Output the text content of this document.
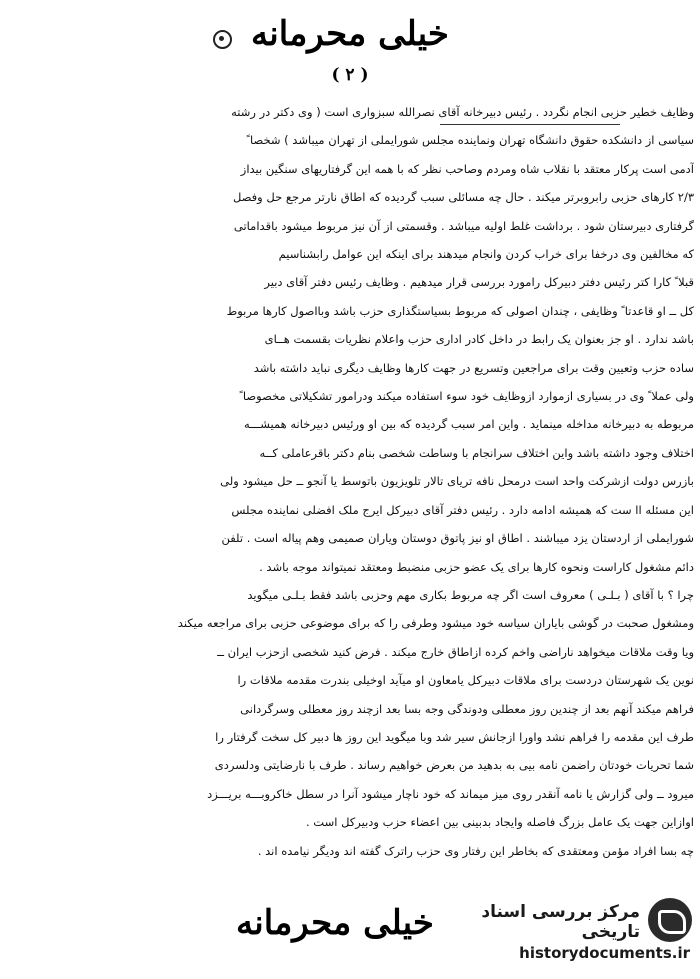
خیلی محرمانه
( ٢ )
وظایف خطیر حزبی انجام نگردد . رئیس دبیرخانه آقای نصرالله سبزواری است ( وی دکتر در رشته
سیاسی از دانشکده حقوق دانشگاه تهران ونماینده مجلس شورایملی از تهران میباشد ) شخصا ً
آدمی است پرکار معتقد با نقلاب شاه ومردم وصاحب نظر که با همه این گرفتاریهای سنگین بیداز
۲/۳ کارهای حزبی رابروبرتر میکند . حال چه مسائلی سبب گردیده که اطاق نارتر مرجع حل وفصل
گرفتاری دبیرستان شود . برداشت غلط اولیه میباشد . وقسمتی از آن نیز مربوط میشود باقداماتی
که مخالفین وی درخفا برای خراب کردن وانجام میدهند برای اینکه این عوامل رابشناسیم
قبلا ً کارا کتر رئیس دفتر دبیرکل رامورد بررسی قرار میدهیم . وظایف رئیس دفتر آقای دبیر
کل ــ او قاعدتا ً وظایفی ، چندان اصولی که مربوط بسیاستگذاری حزب باشد وبااصول کارها مربوط
باشد ندارد . او جز بعنوان یک رابط در داخل کادر اداری حزب واعلام نظریات بقسمت هــای
ساده حزب وتعیین وقت برای مراجعین وتسریع در جهت کارها وظایف دیگری نباید داشته باشد
ولی عملا ً وی در بسیاری ازموارد ازوظایف خود سوء استفاده میکند ودرامور تشکیلاتی مخصوصا ً
مربوطه به دبیرخانه مداخله مینماید . واین امر سبب گردیده که بین او ورئیس دبیرخانه همیشـــه
اختلاف وجود داشته باشد واین اختلاف سرانجام با وساطت شخصی بنام دکتر باقرعاملی کــه
بازرس دولت ازشرکت واحد است درمحل نافه تریای تالار تلویزیون باتوسط یا آنجو ــ حل میشود ولی
این مسئله اا ست که همیشه ادامه دارد . رئیس دفتر آقای دبیرکل ایرج ملک افضلی نماینده مجلس
شورایملی از اردستان یزد میباشند . اطاق او نیز پاتوق دوستان ویاران صمیمی وهم پیاله است . تلفن
دائم مشغول کاراست ونحوه کارها برای یک عضو حزبی منضبط ومعتقد نمیتواند موجه باشد .
چرا ؟ با آقای ( بـلـی ) معروف است اگر چه مربوط بکاری مهم وحزبی باشد فقط بـلـی میگوید
ومشغول صحبت در گوشی بایاران سیاسه خود میشود وطرفی را که برای موضوعی حزبی برای مراجعه میکند
ویا وقت ملاقات میخواهد ناراضی واخم کرده ازاطاق خارج میکند . فرض کنید شخصی ازحزب ایران ــ
نوین یک شهرستان دردست برای ملاقات دبیرکل یامعاون او میآید اوخیلی بندرت مقدمه ملاقات را
فراهم میکند آنهم بعد از چندین روز معطلی ودوندگی وجه بسا بعد ازچند روز معطلی وسرگردانی
طرف این مقدمه را فراهم نشد واورا ازجانش سیر شد وبا میگوید این روز ها دبیر کل سخت گرفتار را
شما تحریات خودتان راضمن نامه بیی به بدهید من بعرض خواهیم رساند . طرف با نارضایتی ودلسردی
میرود ــ ولی گزارش یا نامه آنقدر روی میز میماند که خود ناچار میشود آنرا در سطل خاکروبـــه بریـــزد
اوازاین جهت یک عامل بزرگ فاصله وایجاد بدبینی بین اعضاء حزب ودبیرکل است .
چه بسا افراد مؤمن ومعتقدی که بخاطر این رفتار وی حزب راترک گفته اند ودیگر نیامده اند .
خیلی محرمانه	مرکز بررسی اسناد تاریخی
historydocuments.ir
